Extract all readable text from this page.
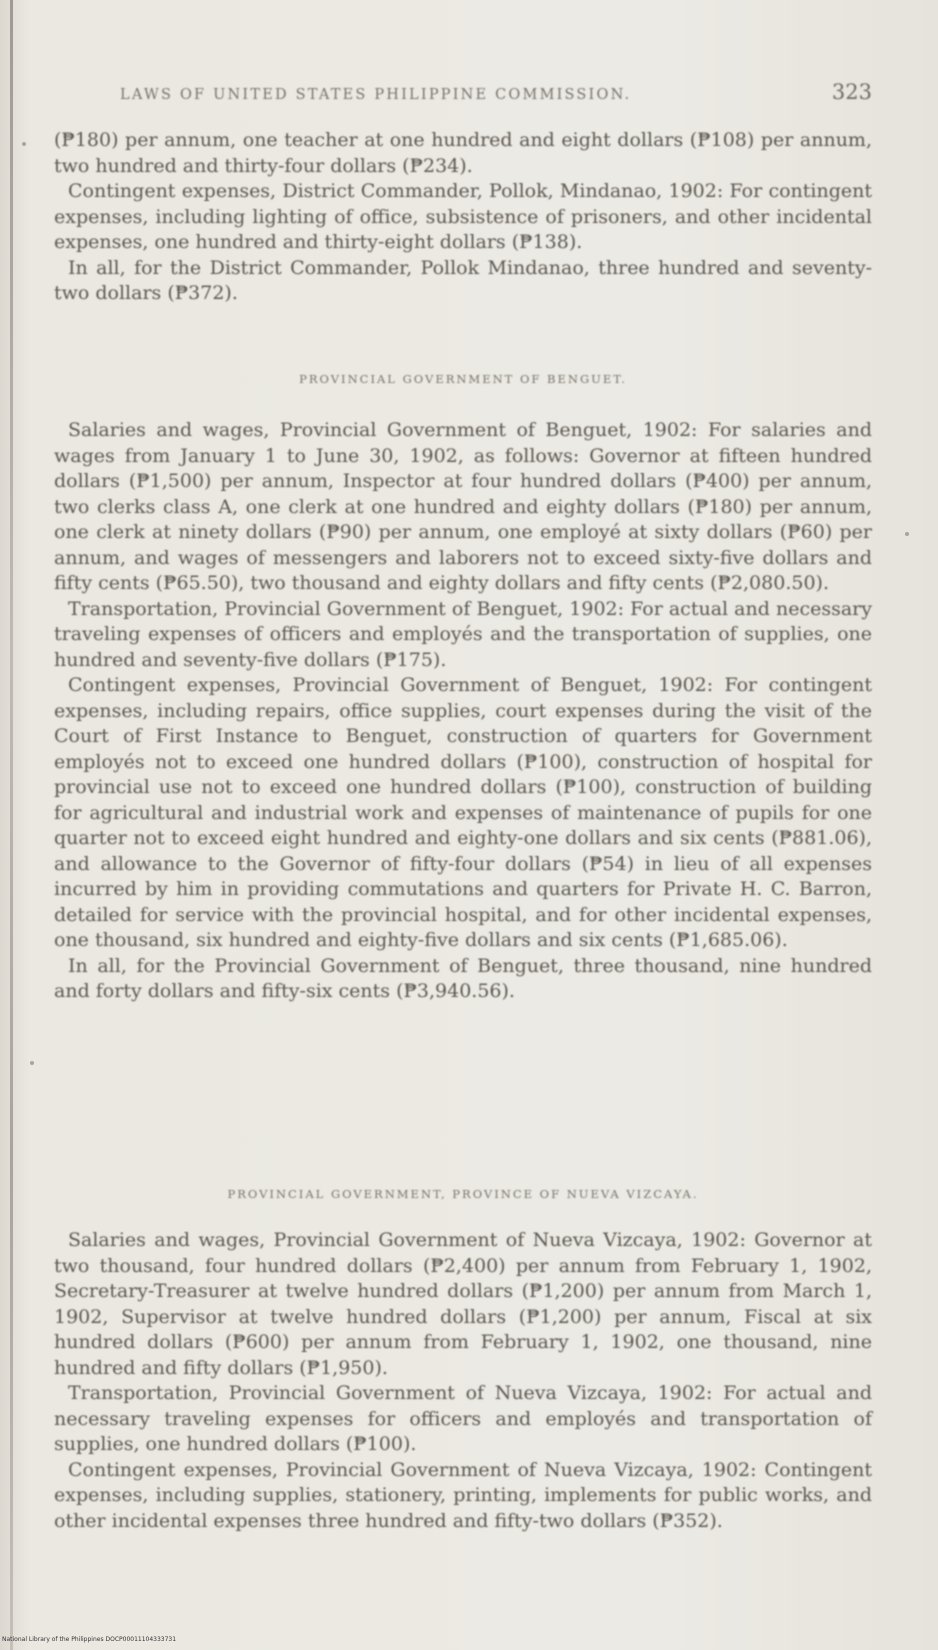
LAWS OF UNITED STATES PHILIPPINE COMMISSION.	323

(₱180) per annum, one teacher at one hundred and eight dollars (₱108) per annum, two hundred and thirty-four dollars (₱234).

Contingent expenses, District Commander, Pollok, Mindanao, 1902: For contingent expenses, including lighting of office, subsistence of prisoners, and other incidental expenses, one hundred and thirty-eight dollars (₱138).

In all, for the District Commander, Pollok Mindanao, three hundred and seventy-two dollars (₱372).

PROVINCIAL GOVERNMENT OF BENGUET.

Salaries and wages, Provincial Government of Benguet, 1902: For salaries and wages from January 1 to June 30, 1902, as follows: Governor at fifteen hundred dollars (₱1,500) per annum, Inspector at four hundred dollars (₱400) per annum, two clerks class A, one clerk at one hundred and eighty dollars (₱180) per annum, one clerk at ninety dollars (₱90) per annum, one employé at sixty dollars (₱60) per annum, and wages of messengers and laborers not to exceed sixty-five dollars and fifty cents (₱65.50), two thousand and eighty dollars and fifty cents (₱2,080.50).

Transportation, Provincial Government of Benguet, 1902: For actual and necessary traveling expenses of officers and employés and the transportation of supplies, one hundred and seventy-five dollars (₱175).

Contingent expenses, Provincial Government of Benguet, 1902: For contingent expenses, including repairs, office supplies, court expenses during the visit of the Court of First Instance to Benguet, construction of quarters for Government employés not to exceed one hundred dollars (₱100), construction of hospital for provincial use not to exceed one hundred dollars (₱100), construction of building for agricultural and industrial work and expenses of maintenance of pupils for one quarter not to exceed eight hundred and eighty-one dollars and six cents (₱881.06), and allowance to the Governor of fifty-four dollars (₱54) in lieu of all expenses incurred by him in providing commutations and quarters for Private H. C. Barron, detailed for service with the provincial hospital, and for other incidental expenses, one thousand, six hundred and eighty-five dollars and six cents (₱1,685.06).

In all, for the Provincial Government of Benguet, three thousand, nine hundred and forty dollars and fifty-six cents (₱3,940.56).

PROVINCIAL GOVERNMENT, PROVINCE OF NUEVA VIZCAYA.

Salaries and wages, Provincial Government of Nueva Vizcaya, 1902: Governor at two thousand, four hundred dollars (₱2,400) per annum from February 1, 1902, Secretary-Treasurer at twelve hundred dollars (₱1,200) per annum from March 1, 1902, Supervisor at twelve hundred dollars (₱1,200) per annum, Fiscal at six hundred dollars (₱600) per annum from February 1, 1902, one thousand, nine hundred and fifty dollars (₱1,950).

Transportation, Provincial Government of Nueva Vizcaya, 1902: For actual and necessary traveling expenses for officers and employés and transportation of supplies, one hundred dollars (₱100).

Contingent expenses, Provincial Government of Nueva Vizcaya, 1902: Contingent expenses, including supplies, stationery, printing, implements for public works, and other incidental expenses three hundred and fifty-two dollars (₱352).

National Library of the Philippines DOCP00011104333731
